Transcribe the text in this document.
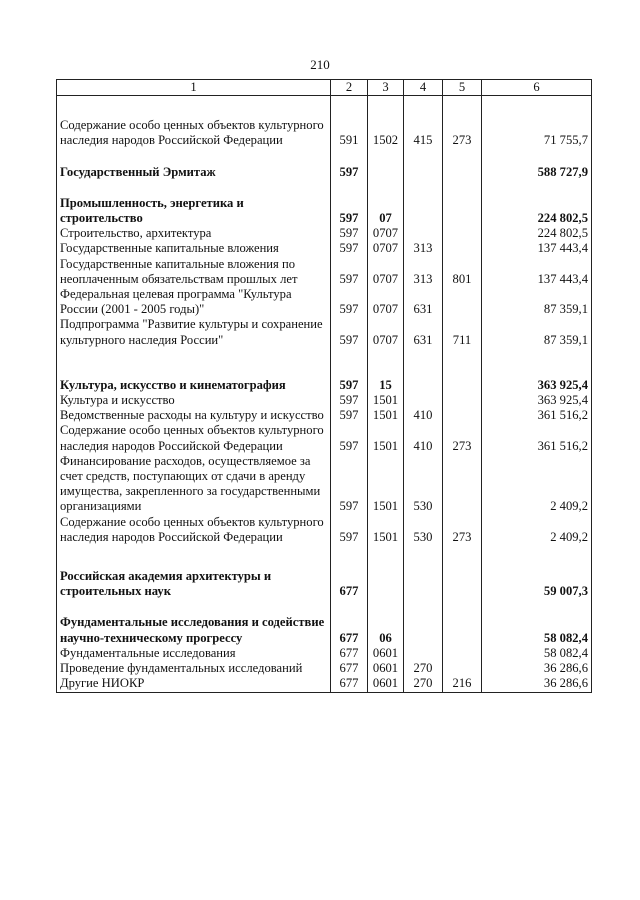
210
1	2	3	4	5	6

Содержание особо ценных объектов культурного наследия народов Российской Федерации	591	1502	415	273	71 755,7

Государственный Эрмитаж	597				588 727,9

Промышленность, энергетика и строительство	597	07			224 802,5
Строительство, архитектура	597	0707			224 802,5
Государственные капитальные вложения	597	0707	313		137 443,4
Государственные капитальные вложения по неоплаченным обязательствам прошлых лет	597	0707	313	801	137 443,4
Федеральная целевая программа "Культура России (2001 - 2005 годы)"	597	0707	631		87 359,1
Подпрограмма "Развитие культуры и сохранение культурного наследия России"	597	0707	631	711	87 359,1

Культура, искусство и кинематография	597	15			363 925,4
Культура и искусство	597	1501			363 925,4
Ведомственные расходы на культуру и искусство	597	1501	410		361 516,2
Содержание особо ценных объектов культурного наследия народов Российской Федерации	597	1501	410	273	361 516,2
Финансирование расходов, осуществляемое за счет средств, поступающих от сдачи в аренду имущества, закрепленного за государственными организациями	597	1501	530		2 409,2
Содержание особо ценных объектов культурного наследия народов Российской Федерации	597	1501	530	273	2 409,2

Российская академия архитектуры и строительных наук	677				59 007,3

Фундаментальные исследования и содействие научно-техническому прогрессу	677	06			58 082,4
Фундаментальные исследования	677	0601			58 082,4
Проведение фундаментальных исследований	677	0601	270		36 286,6
Другие НИОКР	677	0601	270	216	36 286,6
